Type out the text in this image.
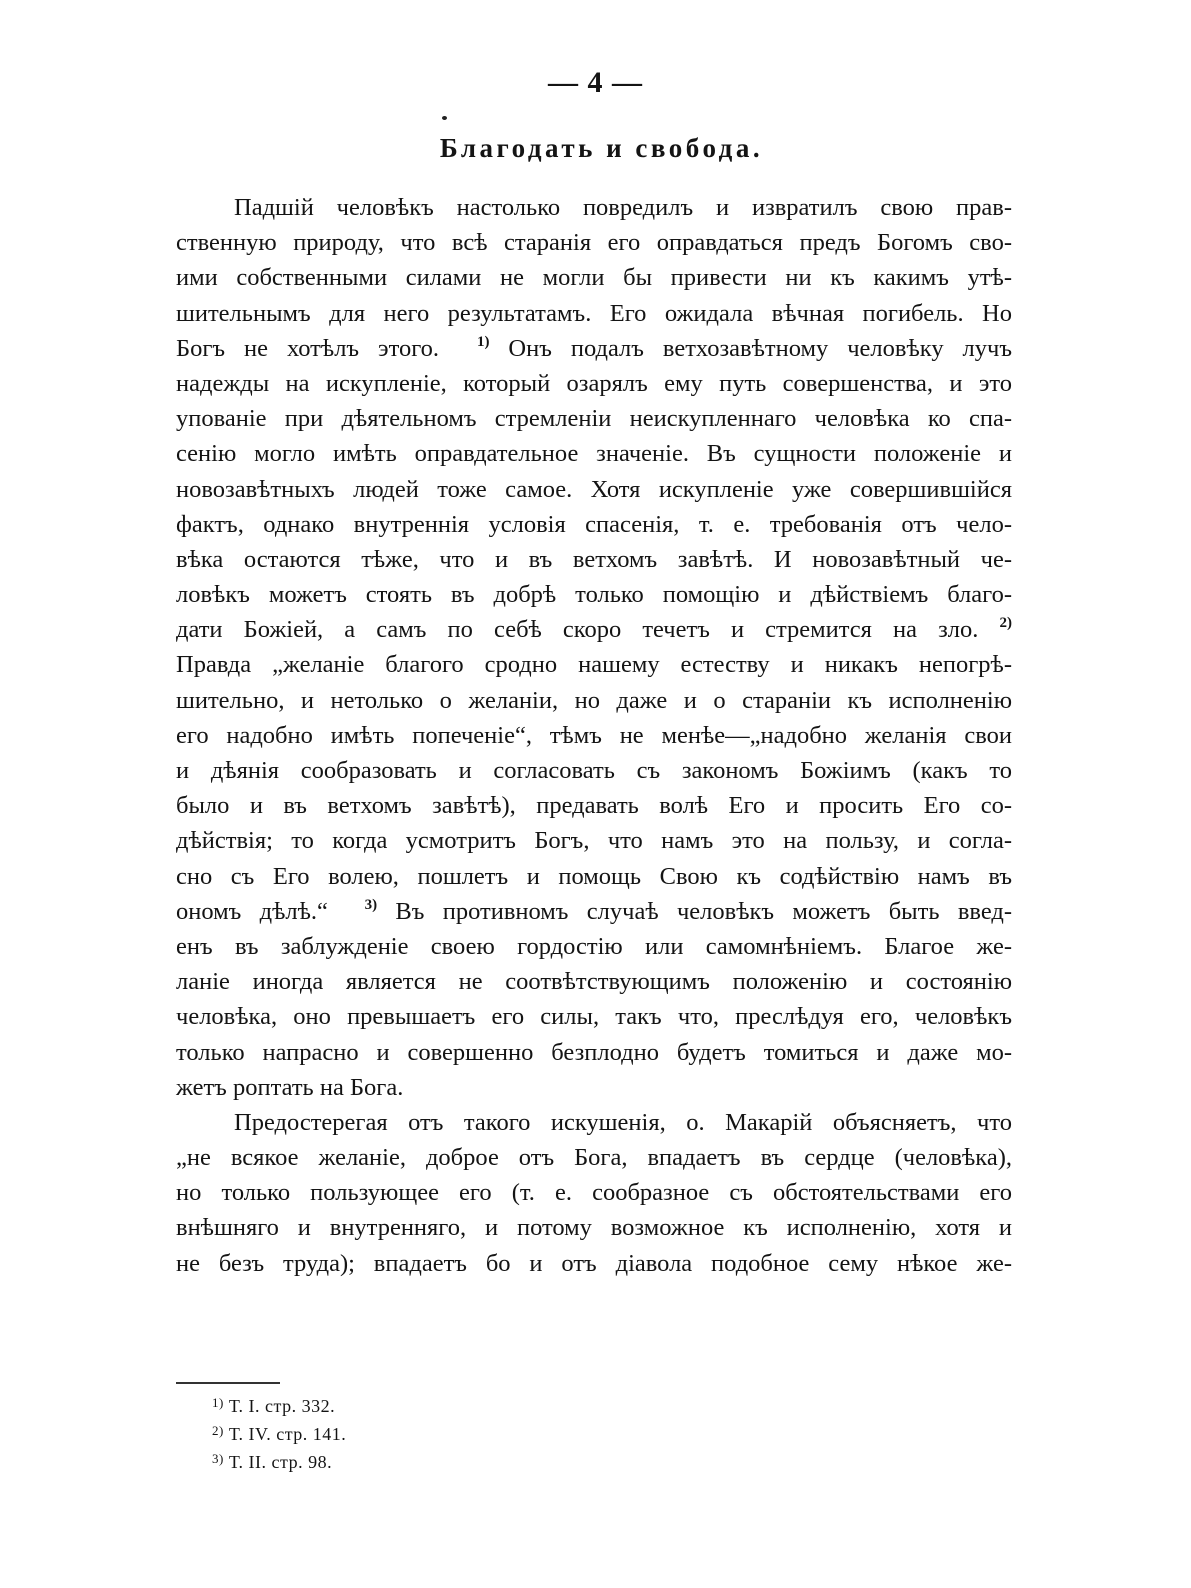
— 4 —
Благодать и свобода.
Падшій человѣкъ настолько повредилъ и извратилъ свою прав-
ственную природу, что всѣ старанія его оправдаться предъ Богомъ сво-
ими собственными силами не могли бы привести ни къ какимъ утѣ-
шительнымъ для него результатамъ. Его ожидала вѣчная погибель. Но
Богъ не хотѣлъ этого.	$^{1)}$ Онъ подалъ ветхозавѣтному человѣку лучъ
надежды на искупленіе, который озарялъ ему путь совершенства, и это
упованіе при дѣятельномъ стремленіи неискупленнаго человѣка ко спа-
сенію могло имѣть оправдательное значеніе. Въ сущности положеніе и
новозавѣтныхъ людей тоже самое. Хотя искупленіе уже совершившійся
фактъ, однако внутреннія условія спасенія, т. е. требованія отъ чело-
вѣка остаются тѣже, что и въ ветхомъ завѣтѣ. И новозавѣтный че-
ловѣкъ можетъ стоять въ добрѣ только помощію и дѣйствіемъ благо-
дати Божіей, а самъ по себѣ скоро течетъ и стремится на зло. $^{2)}$
Правда „желаніе благого сродно нашему естеству и никакъ непогрѣ-
шительно, и нетолько о желаніи, но даже и о стараніи къ исполненію
его надобно имѣть попеченіе“, тѣмъ не менѣе—„надобно желанія свои
и дѣянія сообразовать и согласовать съ закономъ Божіимъ (какъ то
было и въ ветхомъ завѣтѣ), предавать волѣ Его и просить Его со-
дѣйствія; то когда усмотритъ Богъ, что намъ это на пользу, и согла-
сно съ Его волею, пошлетъ и помощь Свою къ содѣйствію намъ въ
ономъ дѣлѣ.“ $^{3)}$ Въ противномъ случаѣ человѣкъ можетъ быть введ-
енъ въ заблужденіе своею гордостію или самомнѣніемъ. Благое же-
ланіе иногда является не соотвѣтствующимъ положенію и состоянію
человѣка, оно превышаетъ его силы, такъ что, преслѣдуя его, человѣкъ
только напрасно и совершенно безплодно будетъ томиться и даже мо-
жетъ роптать на Бога.
Предостерегая отъ такого искушенія, о. Макарій объясняетъ, что
„не всякое желаніе, доброе отъ Бога, впадаетъ въ сердце (человѣка),
но только пользующее его (т. е. сообразное съ обстоятельствами его
внѣшняго и внутренняго, и потому возможное къ исполненію, хотя и
не безъ труда); впадаетъ бо и отъ діавола подобное сему нѣкое же-
$^{1)}$ Т. I. стр. 332.
$^{2)}$ Т. IV. стр. 141.
$^{3)}$ Т. II. стр. 98.
